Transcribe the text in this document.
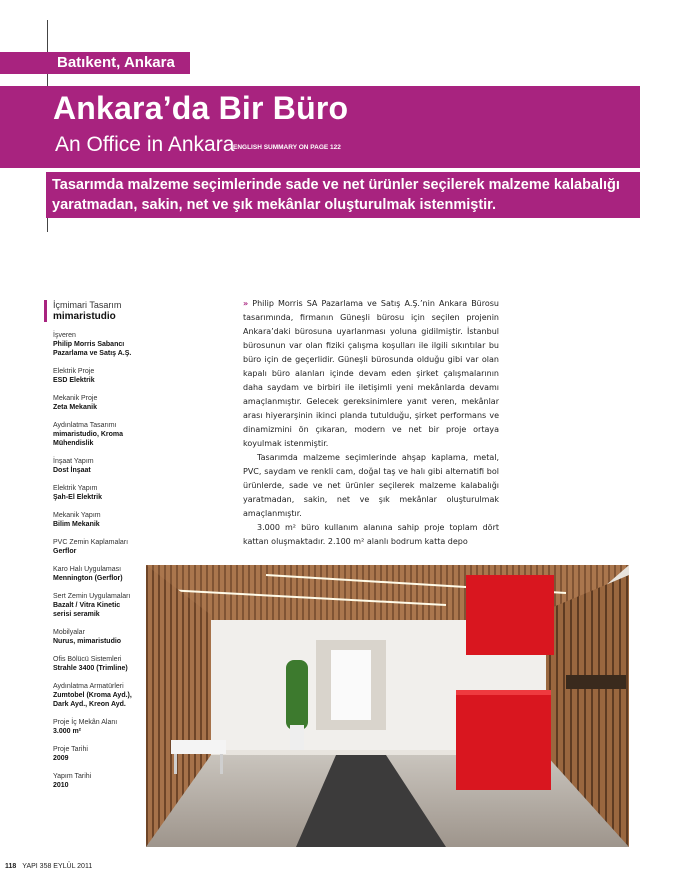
Batıkent, Ankara
Ankara’da Bir Büro
An Office in Ankara
ENGLISH SUMMARY ON PAGE 122
Tasarımda malzeme seçimlerinde sade ve net ürünler seçilerek malzeme kalabalığı yaratmadan, sakin, net ve şık mekânlar oluşturulmak istenmiştir.
İçmimari Tasarım
mimaristudio
İşveren
Philip Morris Sabancı Pazarlama ve Satış A.Ş.
Elektrik Proje
ESD Elektrik
Mekanik Proje
Zeta Mekanik
Aydınlatma Tasarımı
mimaristudio, Kroma Mühendislik
İnşaat Yapım
Dost İnşaat
Elektrik Yapım
Şah-El Elektrik
Mekanik Yapım
Bilim Mekanik
PVC Zemin Kaplamaları
Gerflor
Karo Halı Uygulaması
Mennington (Gerflor)
Sert Zemin Uygulamaları
Bazalt / Vitra Kinetic serisi seramik
Mobilyalar
Nurus, mimaristudio
Ofis Bölücü Sistemleri
Strahle 3400 (Trimline)
Aydınlatma Armatürleri
Zumtobel (Kroma Ayd.), Dark Ayd., Kreon Ayd.
Proje İç Mekân Alanı
3.000 m²
Proje Tarihi
2009
Yapım Tarihi
2010

» Philip Morris SA Pazarlama ve Satış A.Ş.’nin Ankara Bürosu tasarımında, firmanın Güneşli bürosu için seçilen projenin Ankara’daki bürosuna uyarlanması yoluna gidilmiştir. İstanbul bürosunun var olan fiziki çalışma koşulları ile ilgili sıkıntılar bu büro için de geçerlidir. Güneşli bürosunda olduğu gibi var olan kapalı büro alanları içinde devam eden şirket çalışmalarının daha saydam ve birbiri ile iletişimli yeni mekânlarda devamı amaçlanmıştır. Gelecek gereksinimlere yanıt veren, mekânlar arası hiyerarşinin ikinci planda tutulduğu, şirket performans ve dinamizmini ön çıkaran, modern ve net bir proje ortaya koyulmak istenmiştir.

Tasarımda malzeme seçimlerinde ahşap kaplama, metal, PVC, saydam ve renkli cam, doğal taş ve halı gibi alternatifi bol ürünlerde, sade ve net ürünler seçilerek malzeme kalabalığı yaratmadan, sakin, net ve şık mekânlar oluşturulmak amaçlanmıştır.

3.000 m² büro kullanım alanına sahip proje toplam dört kattan oluşmaktadır. 2.100 m² alanlı bodrum katta depo

118 YAPI 358 EYLÜL 2011
